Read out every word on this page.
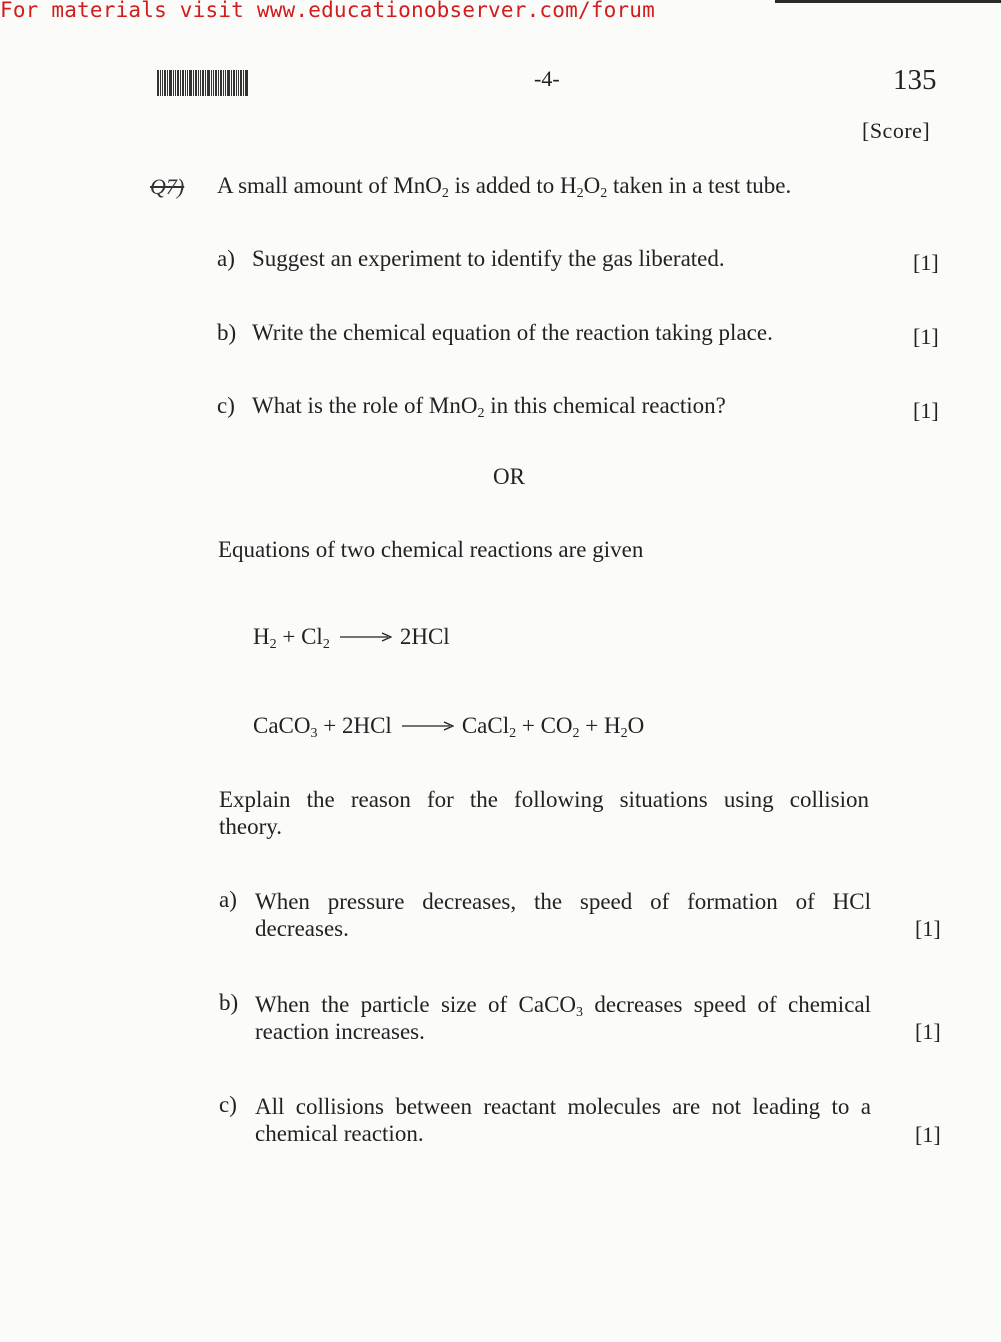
For materials visit www.educationobserver.com/forum
-4-	135
[Score]
Q7) A small amount of MnO$_2$ is added to $H_2O_2$ taken in a test tube.
a) Suggest an experiment to identify the gas liberated.	[1]
b) Write the chemical equation of the reaction taking place.	[1]
c) What is the role of MnO$_2$ in this chemical reaction?	[1]
OR
Equations of two chemical reactions are given
$H_2 + Cl_2 \to 2HCl$
CaCO$_3$ + 2HCl → CaCl$_2$ + $CO_2 + H_2O$
Explain the reason for the following situations using collision
theory.
a) When pressure decreases, the speed of formation of HCl
decreases.	[1]
b) When the particle size of CaCO$_3$ decreases speed of chemical
reaction increases.	[1]
c) All collisions between reactant molecules are not leading to a
chemical reaction.	[1]
